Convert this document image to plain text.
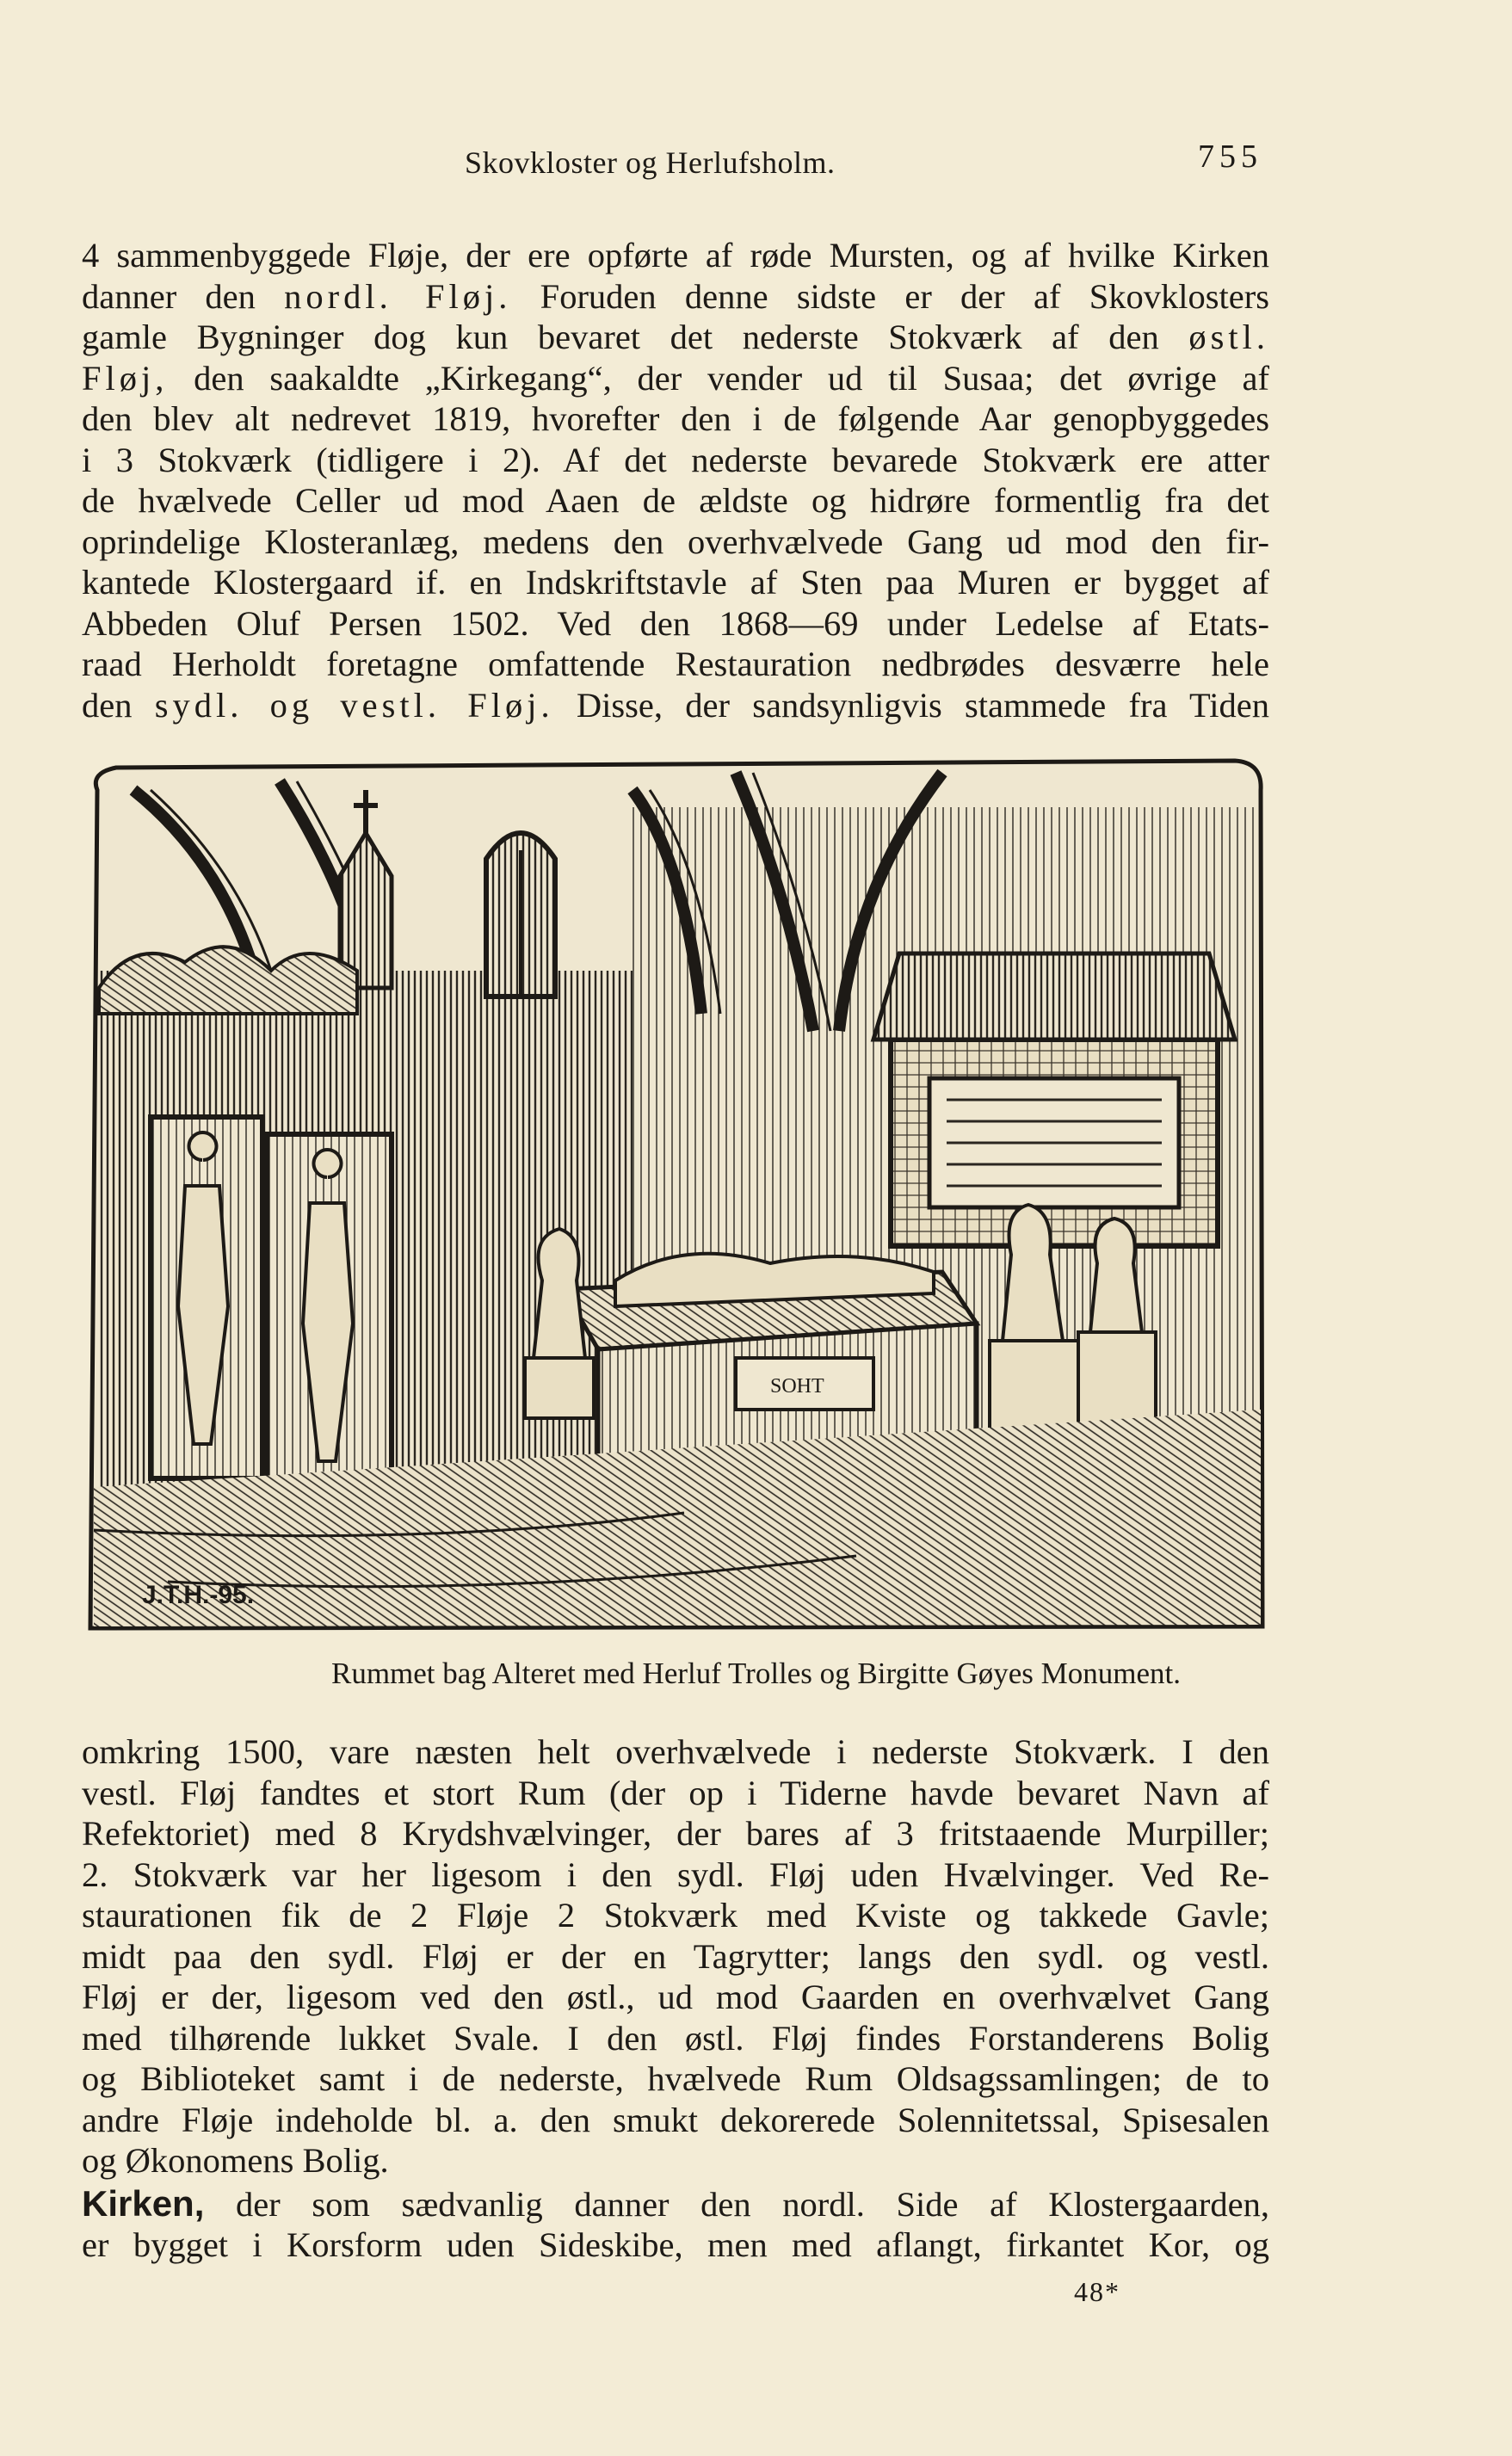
Skovkloster og Herlufsholm.	755
4 sammenbyggede Fløje, der ere opførte af røde Mursten, og af hvilke Kirken
danner den nordl. Fløj. Foruden denne sidste er der af Skovklosters
gamle Bygninger dog kun bevaret det nederste Stokværk af den østl.
Fløj, den saakaldte „Kirkegang“, der vender ud til Susaa; det øvrige af
den blev alt nedrevet 1819, hvorefter den i de følgende Aar genopbyggedes
i 3 Stokværk (tidligere i 2). Af det nederste bevarede Stokværk ere atter
de hvælvede Celler ud mod Aaen de ældste og hidrøre formentlig fra det
oprindelige Klosteranlæg, medens den overhvælvede Gang ud mod den fir-
kantede Klostergaard if. en Indskriftstavle af Sten paa Muren er bygget af
Abbeden Oluf Persen 1502. Ved den 1868—69 under Ledelse af Etats-
raad Herholdt foretagne omfattende Restauration nedbrødes desværre hele
den sydl. og vestl. Fløj. Disse, der sandsynligvis stammede fra Tiden
SOHT
J.T.H.-95.
Rummet bag Alteret med Herluf Trolles og Birgitte Gøyes Monument.
omkring 1500, vare næsten helt overhvælvede i nederste Stokværk. I den
vestl. Fløj fandtes et stort Rum (der op i Tiderne havde bevaret Navn af
Refektoriet) med 8 Krydshvælvinger, der bares af 3 fritstaaende Murpiller;
2. Stokværk var her ligesom i den sydl. Fløj uden Hvælvinger. Ved Re-
staurationen fik de 2 Fløje 2 Stokværk med Kviste og takkede Gavle;
midt paa den sydl. Fløj er der en Tagrytter; langs den sydl. og vestl.
Fløj er der, ligesom ved den østl., ud mod Gaarden en overhvælvet Gang
med tilhørende lukket Svale. I den østl. Fløj findes Forstanderens Bolig
og Biblioteket samt i de nederste, hvælvede Rum Oldsagssamlingen; de to
andre Fløje indeholde bl. a. den smukt dekorerede Solennitetssal, Spisesalen
og Økonomens Bolig.
Kirken, der som sædvanlig danner den nordl. Side af Klostergaarden,
er bygget i Korsform uden Sideskibe, men med aflangt, firkantet Kor, og
48*
